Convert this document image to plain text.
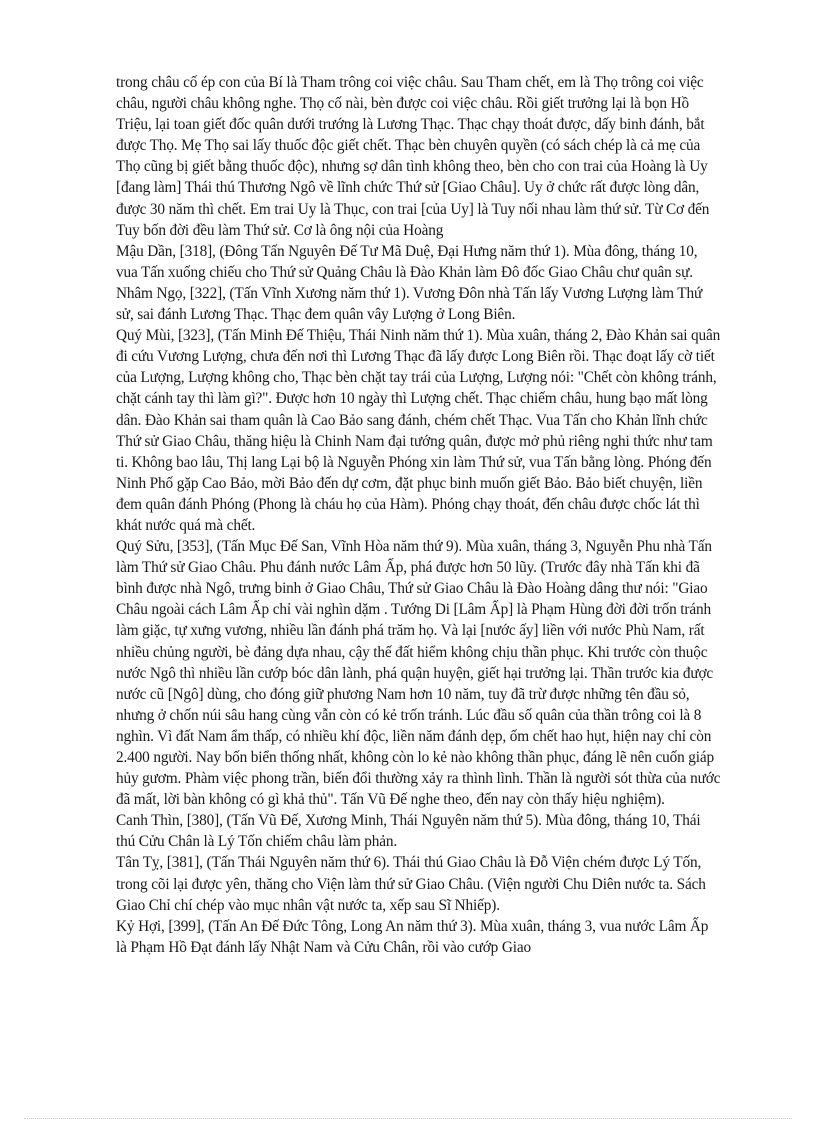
trong châu cố ép con của Bí là Tham trông coi việc châu. Sau Tham chết, em là Thọ trông coi việc châu, người châu không nghe. Thọ cố nài, bèn được coi việc châu. Rồi giết trưởng lại là bọn Hồ Triệu, lại toan giết đốc quân dưới trướng là Lương Thạc. Thạc chạy thoát được, dấy binh đánh, bắt được Thọ. Mẹ Thọ sai lấy thuốc độc giết chết. Thạc bèn chuyên quyền (có sách chép là cả mẹ của Thọ cũng bị giết bằng thuốc độc), nhưng sợ dân tình không theo, bèn cho con trai của Hoàng là Uy [đang làm] Thái thú Thương Ngô về lĩnh chức Thứ sử [Giao Châu]. Uy ở chức rất được lòng dân, được 30 năm thì chết. Em trai Uy là Thục, con trai [của Uy] là Tuy nối nhau làm thứ sử. Từ Cơ đến Tuy bốn đời đều làm Thứ sử. Cơ là ông nội của Hoàng

Mậu Dần, [318], (Đông Tấn Nguyên Đế Tư Mã Duệ, Đại Hưng năm thứ 1). Mùa đông, tháng 10, vua Tấn xuống chiếu cho Thứ sử Quảng Châu là Đào Khản làm Đô đốc Giao Châu chư quân sự.

Nhâm Ngọ, [322], (Tấn Vĩnh Xương năm thứ 1). Vương Đôn nhà Tấn lấy Vương Lượng làm Thứ sử, sai đánh Lương Thạc. Thạc đem quân vây Lượng ở Long Biên.

Quý Mùi, [323], (Tấn Minh Đế Thiệu, Thái Ninh năm thứ 1). Mùa xuân, tháng 2, Đào Khản sai quân đi cứu Vương Lượng, chưa đến nơi thì Lương Thạc đã lấy được Long Biên rồi. Thạc đoạt lấy cờ tiết của Lượng, Lượng không cho, Thạc bèn chặt tay trái của Lượng, Lượng nói: "Chết còn không tránh, chặt cánh tay thì làm gì?". Được hơn 10 ngày thì Lượng chết. Thạc chiếm châu, hung bạo mất lòng dân. Đào Khản sai tham quân là Cao Bảo sang đánh, chém chết Thạc. Vua Tấn cho Khản lĩnh chức Thứ sử Giao Châu, thăng hiệu là Chinh Nam đại tướng quân, được mở phủ riêng nghi thức như tam ti. Không bao lâu, Thị lang Lại bộ là Nguyễn Phóng xin làm Thứ sử, vua Tấn bằng lòng. Phóng đến Ninh Phố gặp Cao Bảo, mời Bảo đến dự cơm, đặt phục binh muốn giết Bảo. Bảo biết chuyện, liền đem quân đánh Phóng (Phong là cháu họ của Hàm). Phóng chạy thoát, đến châu được chốc lát thì khát nước quá mà chết.

Quý Sửu, [353], (Tấn Mục Đế San, Vĩnh Hòa năm thứ 9). Mùa xuân, tháng 3, Nguyễn Phu nhà Tấn làm Thứ sử Giao Châu. Phu đánh nước Lâm Ấp, phá được hơn 50 lũy. (Trước đây nhà Tấn khi đã bình được nhà Ngô, trưng binh ở Giao Châu, Thứ sử Giao Châu là Đào Hoàng dâng thư nói: "Giao Châu ngoài cách Lâm Ấp chỉ vài nghìn dặm . Tướng Di [Lâm Ấp] là Phạm Hùng đời đời trốn tránh làm giặc, tự xưng vương, nhiều lần đánh phá trăm họ. Và lại [nước ấy] liền với nước Phù Nam, rất nhiều chủng người, bè đảng dựa nhau, cậy thế đất hiểm không chịu thần phục. Khi trước còn thuộc nước Ngô thì nhiều lần cướp bóc dân lành, phá quận huyện, giết hại trưởng lại. Thần trước kia được nước cũ [Ngô] dùng, cho đóng giữ phương Nam hơn 10 năm, tuy đã trừ được những tên đầu sỏ, nhưng ở chốn núi sâu hang cùng vẫn còn có kẻ trốn tránh. Lúc đầu số quân của thần trông coi là 8 nghìn. Vì đất Nam ẩm thấp, có nhiều khí độc, liền năm đánh dẹp, ốm chết hao hụt, hiện nay chỉ còn 2.400 người. Nay bốn biển thống nhất, không còn lo kẻ nào không thần phục, đáng lẽ nên cuốn giáp hủy gươm. Phàm việc phong trần, biến đổi thường xảy ra thình lình. Thần là người sót thừa của nước đã mất, lời bàn không có gì khả thủ". Tấn Vũ Đế nghe theo, đến nay còn thấy hiệu nghiệm).

Canh Thìn, [380], (Tấn Vũ Đế, Xương Minh, Thái Nguyên năm thứ 5). Mùa đông, tháng 10, Thái thú Cửu Chân là Lý Tốn chiếm châu làm phản.

Tân Tỵ, [381], (Tấn Thái Nguyên năm thứ 6). Thái thú Giao Châu là Đỗ Viện chém được Lý Tốn, trong cõi lại được yên, thăng cho Viện làm thứ sử Giao Châu. (Viện người Chu Diên nước ta. Sách Giao Chỉ chí chép vào mục nhân vật nước ta, xếp sau Sĩ Nhiếp).

Kỷ Hợi, [399], (Tấn An Đế Đức Tông, Long An năm thứ 3). Mùa xuân, tháng 3, vua nước Lâm Ấp là Phạm Hồ Đạt đánh lấy Nhật Nam và Cửu Chân, rồi vào cướp Giao
